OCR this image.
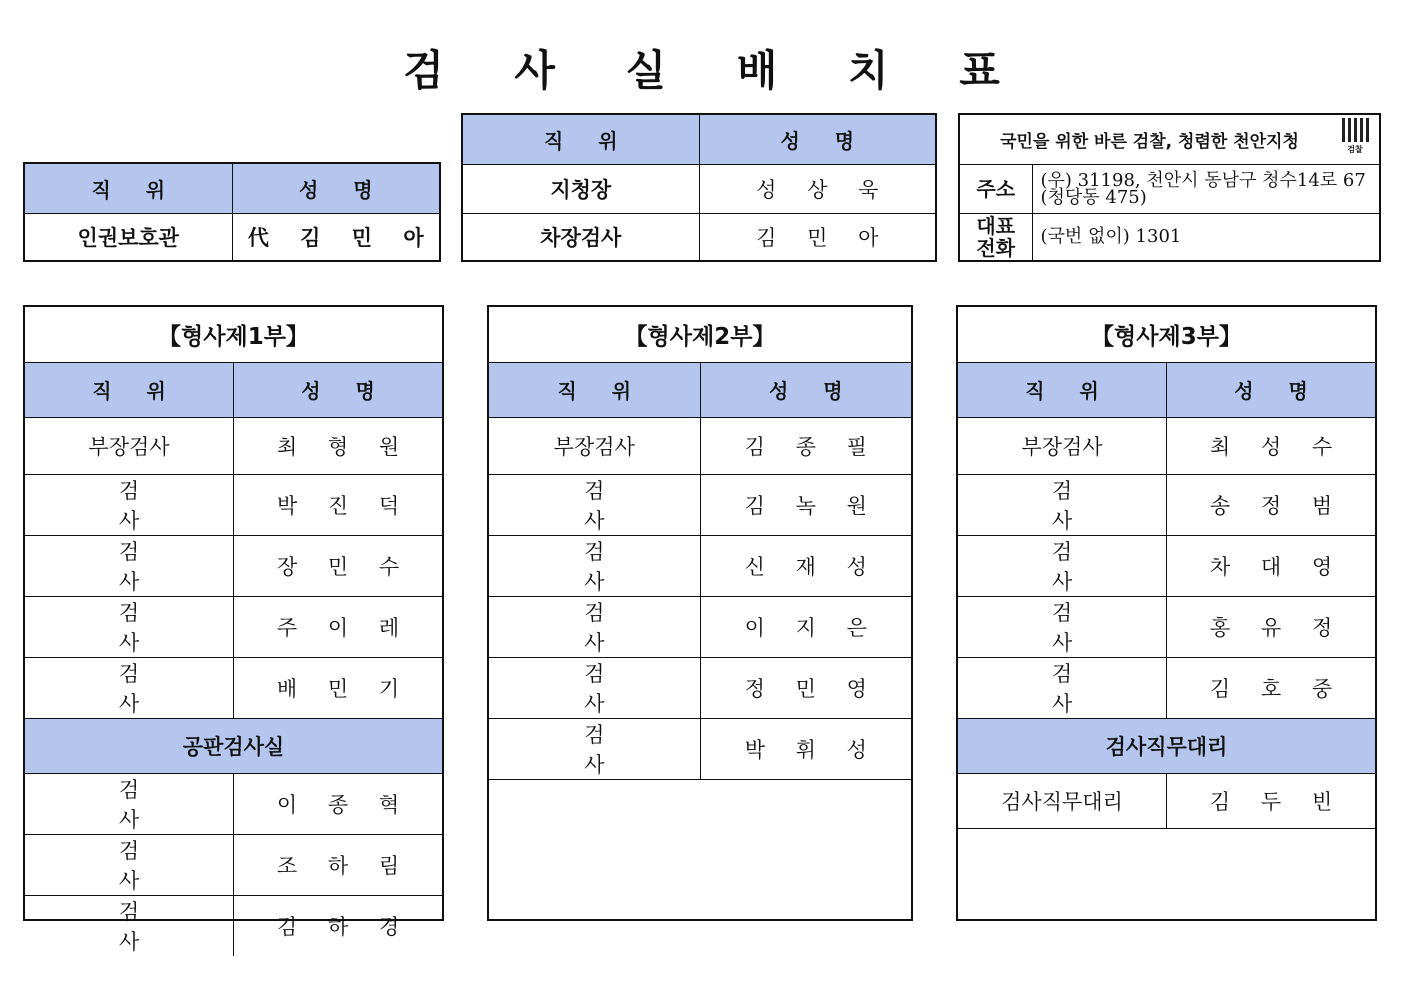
검 사 실 배 치 표
직 위	성 명
인권보호관	代 김 민 아
직 위	성 명
지청장	성 상 욱
차장검사	김 민 아
국민을 위한 바른 검찰, 청렴한 천안지청 검찰	

주소	(우) 31198, 천안시 동남구 청수14로 67 (청당동 475)
대표 전화	(국번 없이) 1301
【형사제1부】	
직 위	성 명
부장검사	최 형 원
검 사	박 진 덕
검 사	장 민 수
검 사	주 이 레
검 사	배 민 기
공판검사실	
검 사	이 종 혁
검 사	조 하 림
검 사	김 하 경
【형사제2부】	
직 위	성 명
부장검사	김 종 필
검 사	김 녹 원
검 사	신 재 성
검 사	이 지 은
검 사	정 민 영
검 사	박 휘 성

【형사제3부】	
직 위	성 명
부장검사	최 성 수
검 사	송 정 범
검 사	차 대 영
검 사	홍 유 정
검 사	김 호 중
검사직무대리	
검사직무대리	김 두 빈
